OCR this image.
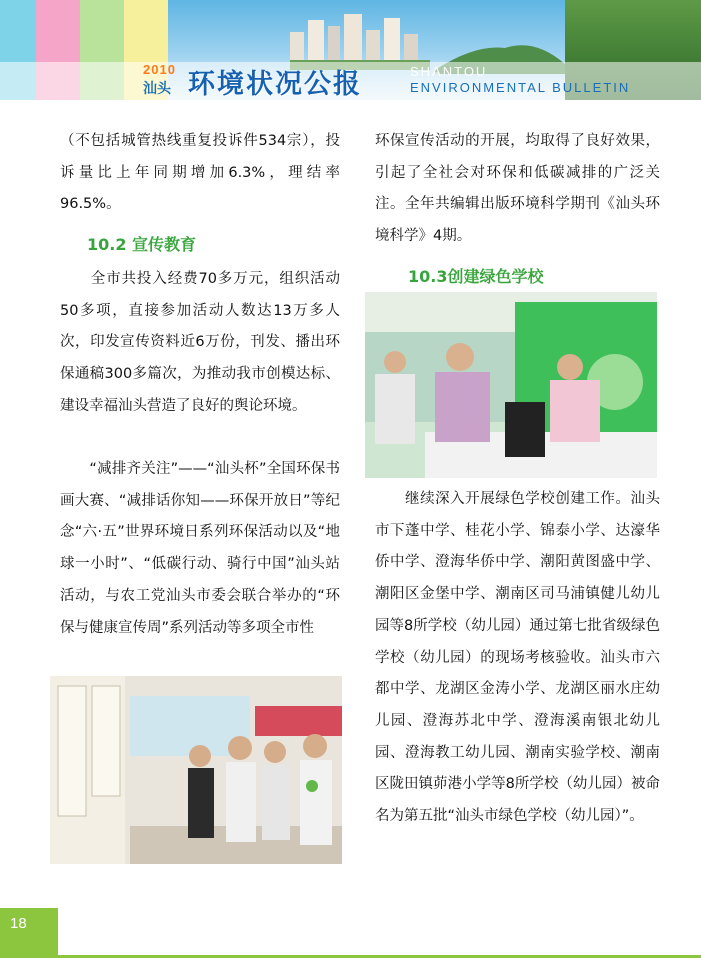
2010
汕头 环境状况公报	SHANTOU
ENVIRONMENTAL BULLETIN
（不包括城管热线重复投诉件534宗），投诉量比上年同期增加6.3%，理结率96.5%。
10.2 宣传教育
　　全市共投入经费70多万元，组织活动50多项，直接参加活动人数达13万多人次，印发宣传资料近6万份，刊发、播出环保通稿300多篇次，为推动我市创模达标、建设幸福汕头营造了良好的舆论环境。
　　“减排齐关注”——“汕头杯”全国环保书画大赛、“减排话你知——环保开放日”等纪念“六·五”世界环境日系列环保活动以及“地球一小时”、“低碳行动、骑行中国”汕头站活动，与农工党汕头市委会联合举办的“环保与健康宣传周”系列活动等多项全市性
环保宣传活动的开展，均取得了良好效果，引起了全社会对环保和低碳减排的广泛关注。全年共编辑出版环境科学期刊《汕头环境科学》4期。
10.3创建绿色学校
　　继续深入开展绿色学校创建工作。汕头市下蓬中学、桂花小学、锦泰小学、达濠华侨中学、澄海华侨中学、潮阳黄图盛中学、潮阳区金堡中学、潮南区司马浦镇健儿幼儿园等8所学校（幼儿园）通过第七批省级绿色学校（幼儿园）的现场考核验收。汕头市六都中学、龙湖区金涛小学、龙湖区丽水庄幼儿园、澄海苏北中学、澄海溪南银北幼儿园、澄海教工幼儿园、潮南实验学校、潮南区陇田镇茆港小学等8所学校（幼儿园）被命名为第五批“汕头市绿色学校（幼儿园）”。
18
